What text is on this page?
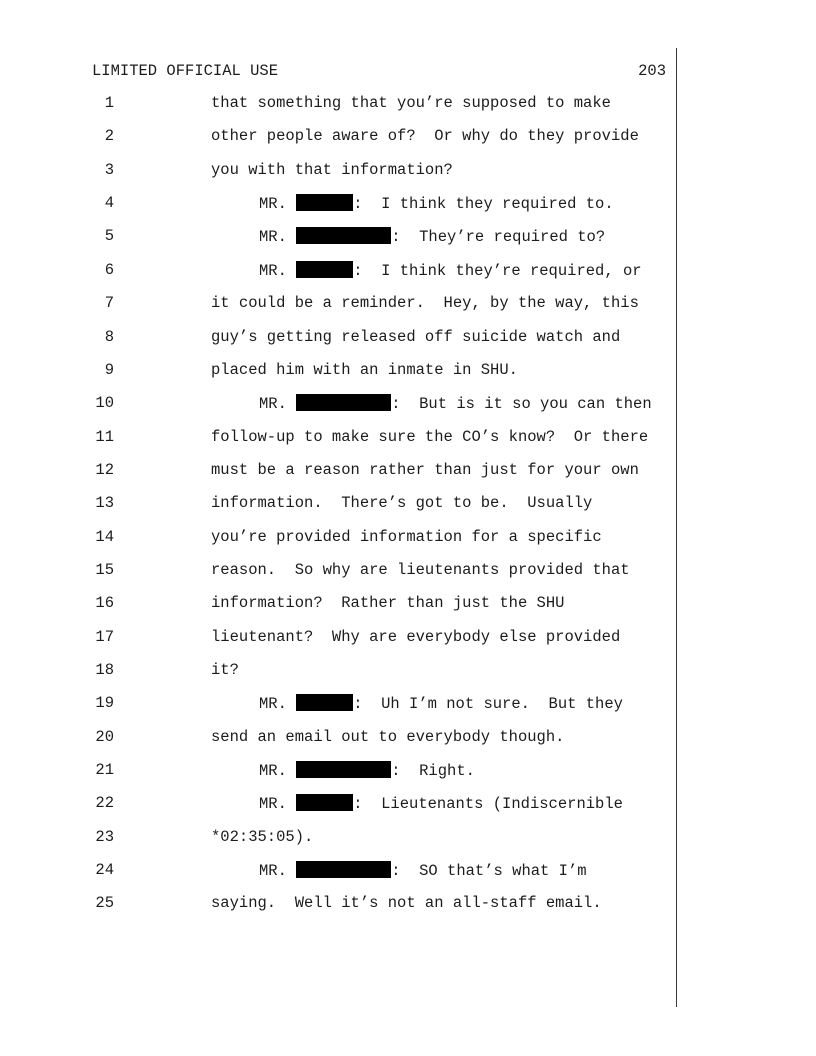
LIMITED OFFICIAL USE	203
1	that something that you’re supposed to make
2	other people aware of?  Or why do they provide
3	you with that information?
4	MR.	:  I think they required to.
5	MR.	:  They’re required to?
6	MR.	:  I think they’re required, or
7	it could be a reminder.  Hey, by the way, this
8	guy’s getting released off suicide watch and
9	placed him with an inmate in SHU.
10	MR.	:  But is it so you can then
11	follow-up to make sure the CO’s know?  Or there
12	must be a reason rather than just for your own
13	information.  There’s got to be.  Usually
14	you’re provided information for a specific
15	reason.  So why are lieutenants provided that
16	information?  Rather than just the SHU
17	lieutenant?  Why are everybody else provided
18	it?
19	MR.	:  Uh I’m not sure.  But they
20	send an email out to everybody though.
21	MR.	:  Right.
22	MR.	:  Lieutenants (Indiscernible
23	*02:35:05).
24	MR.	:  SO that’s what I’m
25	saying.  Well it’s not an all-staff email.
